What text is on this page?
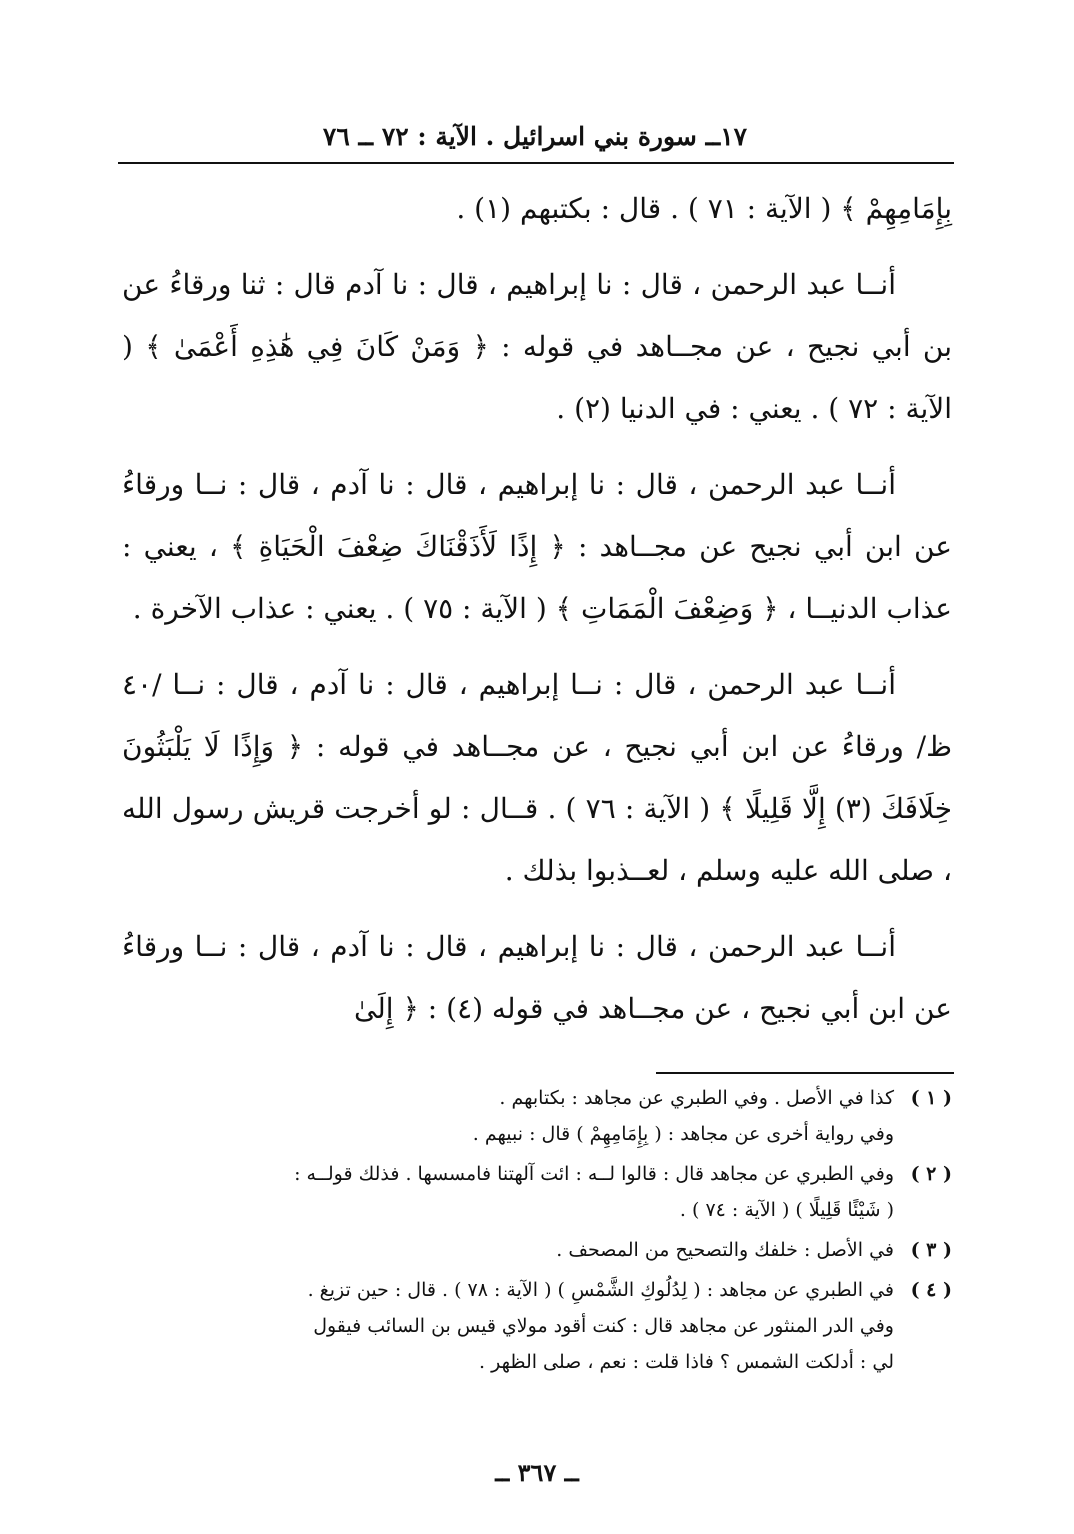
١٧ــ سورة بني اسرائيل . الآية : ٧٢ ــ ٧٦

بِإِمَامِهِمْ ﴾ ( الآية : ٧١ ) . قال : بكتبهم (١) .

أنــا عبد الرحمن ، قال : نا إبراهيم ، قال : نا آدم قال : ثنا ورقاءُ عن بن أبي نجيح ، عن مجــاهد في قوله : ﴿ وَمَنْ كَانَ فِي هَٰذِهِ أَعْمَىٰ ﴾ ( الآية : ٧٢ ) . يعني : في الدنيا (٢) .

أنــا عبد الرحمن ، قال : نا إبراهيم ، قال : نا آدم ، قال : نــا ورقاءُ عن ابن أبي نجيح عن مجــاهد : ﴿ إِذًا لَأَذَقْنَاكَ ضِعْفَ الْحَيَاةِ ﴾ ، يعني : عذاب الدنيــا ، ﴿ وَضِعْفَ الْمَمَاتِ ﴾ ( الآية : ٧٥ ) . يعني : عذاب الآخرة .

أنــا عبد الرحمن ، قال : نــا إبراهيم ، قال : نا آدم ، قال : نــا /٤٠ ظ/ ورقاءُ عن ابن أبي نجيح ، عن مجــاهد في قوله : ﴿ وَإِذًا لَا يَلْبَثُونَ خِلَافَكَ (٣) إِلَّا قَلِيلًا ﴾ ( الآية : ٧٦ ) . قــال : لو أخرجت قريش رسول الله ، صلى الله عليه وسلم ، لعــذبوا بذلك .

أنــا عبد الرحمن ، قال : نا إبراهيم ، قال : نا آدم ، قال : نــا ورقاءُ عن ابن أبي نجيح ، عن مجــاهد في قوله (٤) : ﴿ إِلَىٰ

( ١ )
كذا في الأصل . وفي الطبري عن مجاهد : بكتابهم .
وفي رواية أخرى عن مجاهد : ( بِإِمَامِهِمْ ) قال : نبيهم .
( ٢ )
وفي الطبري عن مجاهد قال : قالوا لــه : ائت آلهتنا فامسسها . فذلك قولــه :
( شَيْئًا قَلِيلًا ) ( الآية : ٧٤ ) .
( ٣ )
في الأصل : خلفك والتصحيح من المصحف .
( ٤ )
في الطبري عن مجاهد : ( لِدُلُوكِ الشَّمْسِ ) ( الآية : ٧٨ ) . قال : حين تزيغ .
وفي الدر المنثور عن مجاهد قال : كنت أقود مولاي قيس بن السائب فيقول
لي : أدلكت الشمس ؟ فاذا قلت : نعم ، صلى الظهر .
ــ ٣٦٧ ــ
